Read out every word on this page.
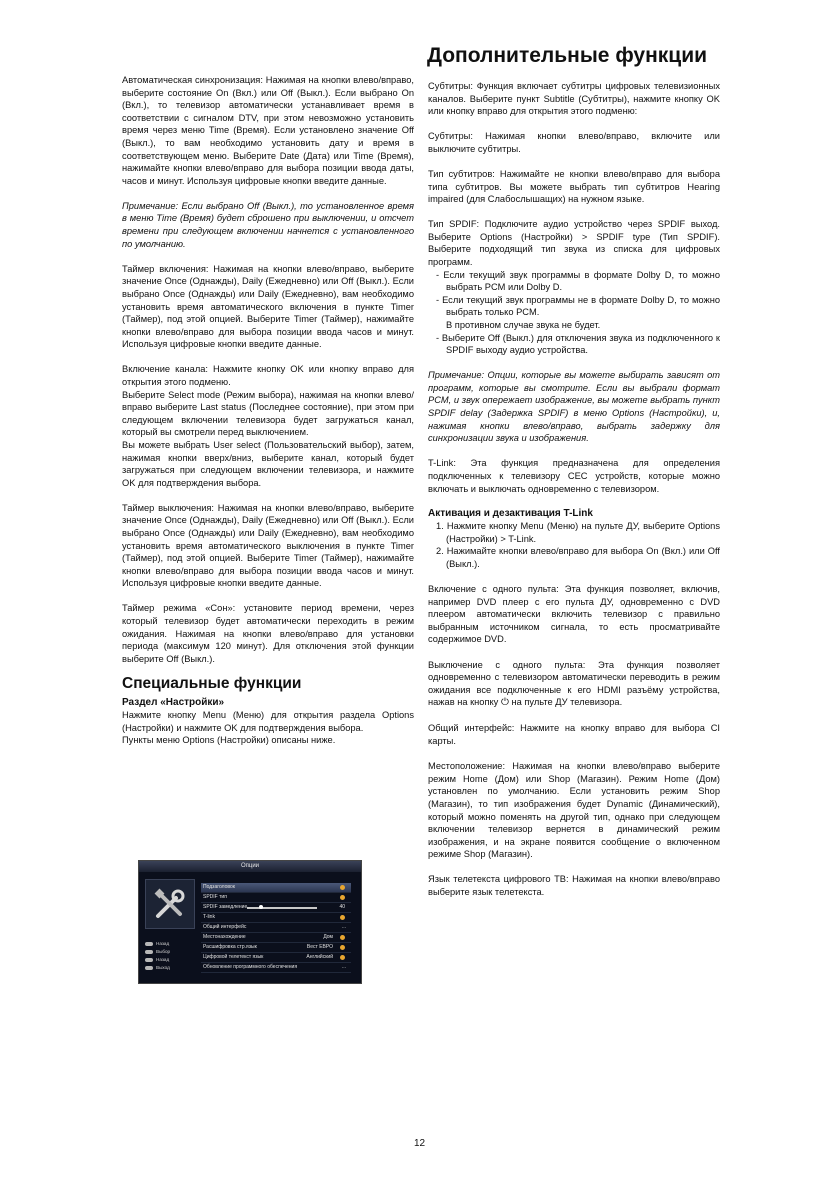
Дополнительные функции

Автоматическая синхронизация: Нажимая на кнопки влево/вправо, выберите состояние On (Вкл.) или Off (Выкл.). Если выбрано On (Вкл.), то телевизор автоматически устанавливает время в соответствии с сигналом DTV, при этом невозможно установить время через меню Time (Время). Если установлено значение Off (Выкл.), то вам необходимо установить дату и время в соответствующем меню. Выберите Date (Дата) или Time (Время), нажимайте кнопки влево/вправо для выбора позиции ввода даты, часов и минут. Используя цифровые кнопки введите данные.

Примечание: Если выбрано Off (Выкл.), то установленное время в меню Time (Время) будет сброшено при выключении, и отсчет времени при следующем включении начнется с установленного по умолчанию.

Таймер включения: Нажимая на кнопки влево/вправо, выберите значение Once (Однажды), Daily (Ежедневно) или Off (Выкл.). Если выбрано Once (Однажды) или Daily (Ежедневно), вам необходимо установить время автоматического включения в пункте Timer (Таймер), под этой опцией. Выберите Timer (Таймер), нажимайте кнопки влево/вправо для выбора позиции ввода часов и минут. Используя цифровые кнопки введите данные.

Включение канала: Нажмите кнопку OK или кнопку вправо для открытия этого подменю.

Выберите Select mode (Режим выбора), нажимая на кнопки влево/вправо выберите Last status (Последнее состояние), при этом при следующем включении телевизора будет загружаться канал, который вы смотрели перед выключением.

Вы можете выбрать User select (Пользовательский выбор), затем, нажимая кнопки вверх/вниз, выберите канал, который будет загружаться при следующем включении телевизора, и нажмите OK для подтверждения выбора.

Таймер выключения: Нажимая на кнопки влево/вправо, выберите значение Once (Однажды), Daily (Ежедневно) или Off (Выкл.). Если выбрано Once (Однажды) или Daily (Ежедневно), вам необходимо установить время автоматического выключения в пункте Timer (Таймер), под этой опцией. Выберите Timer (Таймер), нажимайте кнопки влево/вправо для выбора позиции ввода часов и минут. Используя цифровые кнопки введите данные.

Таймер режима «Сон»: установите период времени, через который телевизор будет автоматически переходить в режим ожидания. Нажимая на кнопки влево/вправо для установки периода (максимум 120 минут). Для отключения этой функции выберите Off (Выкл.).

Специальные функции
Раздел «Настройки»

Нажмите кнопку Menu (Меню) для открытия раздела Options (Настройки) и нажмите OK для подтверждения выбора.

Пункты меню Options (Настройки) описаны ниже.

Опции
Назад
Выбор
Назад
Выход
Подзаголовок
SPDIF тип
SPDIF замедление	40
T-link
Общий интерфейс	...
Местонахождение	Дом
Расшифровка стр.язык	Вест ЕВРО
Цифровой телетекст язык	Английский
Обновление программного обеспечения	...

Субтитры: Функция включает субтитры цифровых телевизионных каналов. Выберите пункт Subtitle (Субтитры), нажмите кнопку OK или кнопку вправо для открытия этого подменю:

Субтитры: Нажимая кнопки влево/вправо, включите или выключите субтитры.

Тип субтитров: Нажимайте не кнопки влево/вправо для выбора типа субтитров. Вы можете выбрать тип субтитров Hearing impaired (для Слабослышащих) на нужном языке.

Тип SPDIF: Подключите аудио устройство через SPDIF выход. Выберите Options (Настройки) > SPDIF type (Тип SPDIF). Выберите подходящий тип звука из списка для цифровых программ.

- Если текущий звук программы в формате Dolby D, то можно выбрать PCM или Dolby D.
- Если текущий звук программы не в формате Dolby D, то можно выбрать только PCM.
В противном случае звука не будет.
- Выберите Off (Выкл.) для отключения звука из подключенного к SPDIF выходу аудио устройства.

Примечание: Опции, которые вы можете выбирать зависят от программ, которые вы смотрите. Если вы выбрали формат PCM, и звук опережает изображение, вы можете выбрать пункт SPDIF delay (Задержка SPDIF) в меню Options (Настройки), и, нажимая кнопки влево/вправо, выбрать задержку для синхронизации звука и изображения.

T-Link: Эта функция предназначена для определения подключенных к телевизору CEC устройств, которые можно включать и выключать одновременно с телевизором.

Активация и дезактивация T-Link
1. Нажмите кнопку Menu (Меню) на пульте ДУ, выберите Options (Настройки) > T-Link.
2. Нажимайте кнопки влево/вправо для выбора On (Вкл.) или Off (Выкл.).

Включение с одного пульта: Эта функция позволяет, включив, например DVD плеер с его пульта ДУ, одновременно с DVD плеером автоматически включить телевизор с правильно выбранным источником сигнала, то есть просматривайте содержимое DVD.

Выключение с одного пульта: Эта функция позволяет одновременно с телевизором автоматически переводить в режим ожидания все подключенные к его HDMI разъёму устройства, нажав на кнопку ⏻ на пульте ДУ телевизора.

Общий интерфейс: Нажмите на кнопку вправо для выбора CI карты.

Местоположение: Нажимая на кнопки влево/вправо выберите режим Home (Дом) или Shop (Магазин). Режим Home (Дом) установлен по умолчанию. Если установить режим Shop (Магазин), то тип изображения будет Dynamic (Динамический), который можно поменять на другой тип, однако при следующем включении телевизор вернется в динамический режим изображения, и на экране появится сообщение о включенном режиме Shop (Магазин).

Язык телетекста цифрового ТВ: Нажимая на кнопки влево/вправо выберите язык телетекста.

12
